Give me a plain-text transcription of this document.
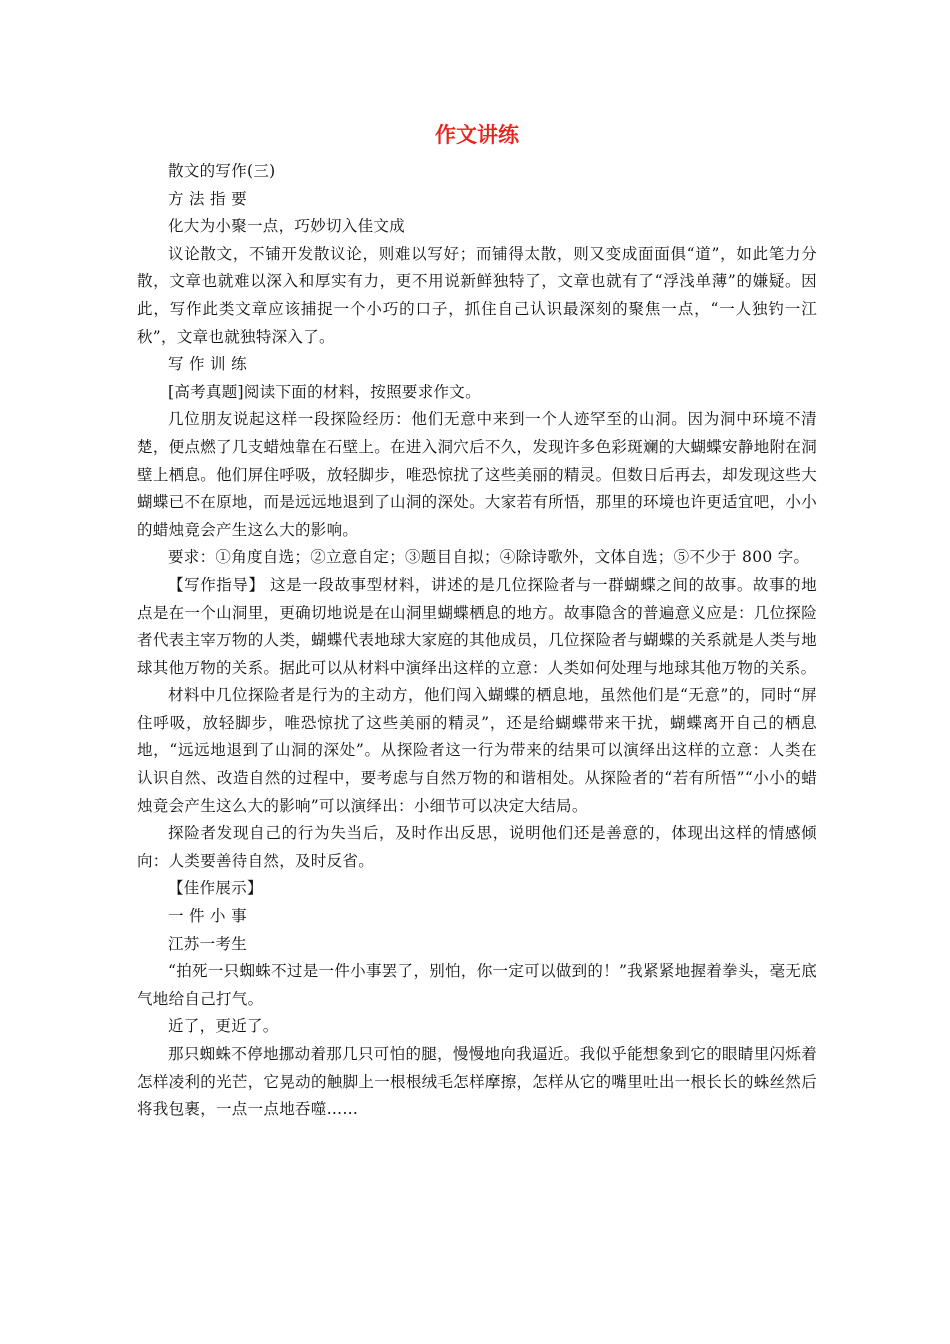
作文讲练

散文的写作(三)

方 法 指 要

化大为小聚一点，巧妙切入佳文成

议论散文，不铺开发散议论，则难以写好；而铺得太散，则又变成面面俱“道”，如此笔力分散，文章也就难以深入和厚实有力，更不用说新鲜独特了，文章也就有了“浮浅单薄”的嫌疑。因此，写作此类文章应该捕捉一个小巧的口子，抓住自己认识最深刻的聚焦一点，“一人独钓一江秋”，文章也就独特深入了。

写 作 训 练

[高考真题]阅读下面的材料，按照要求作文。

几位朋友说起这样一段探险经历：他们无意中来到一个人迹罕至的山洞。因为洞中环境不清楚，便点燃了几支蜡烛靠在石壁上。在进入洞穴后不久，发现许多色彩斑斓的大蝴蝶安静地附在洞壁上栖息。他们屏住呼吸，放轻脚步，唯恐惊扰了这些美丽的精灵。但数日后再去，却发现这些大蝴蝶已不在原地，而是远远地退到了山洞的深处。大家若有所悟，那里的环境也许更适宜吧，小小的蜡烛竟会产生这么大的影响。

要求：①角度自选；②立意自定；③题目自拟；④除诗歌外，文体自选；⑤不少于 800 字。

【写作指导】 这是一段故事型材料，讲述的是几位探险者与一群蝴蝶之间的故事。故事的地点是在一个山洞里，更确切地说是在山洞里蝴蝶栖息的地方。故事隐含的普遍意义应是：几位探险者代表主宰万物的人类，蝴蝶代表地球大家庭的其他成员，几位探险者与蝴蝶的关系就是人类与地球其他万物的关系。据此可以从材料中演绎出这样的立意：人类如何处理与地球其他万物的关系。

材料中几位探险者是行为的主动方，他们闯入蝴蝶的栖息地，虽然他们是“无意”的，同时“屏住呼吸，放轻脚步，唯恐惊扰了这些美丽的精灵”，还是给蝴蝶带来干扰，蝴蝶离开自己的栖息地，“远远地退到了山洞的深处”。从探险者这一行为带来的结果可以演绎出这样的立意：人类在认识自然、改造自然的过程中，要考虑与自然万物的和谐相处。从探险者的“若有所悟”“小小的蜡烛竟会产生这么大的影响”可以演绎出：小细节可以决定大结局。

探险者发现自己的行为失当后，及时作出反思，说明他们还是善意的，体现出这样的情感倾向：人类要善待自然，及时反省。

【佳作展示】

一 件 小 事

江苏一考生

“拍死一只蜘蛛不过是一件小事罢了，别怕，你一定可以做到的！”我紧紧地握着拳头，毫无底气地给自己打气。

近了，更近了。

那只蜘蛛不停地挪动着那几只可怕的腿，慢慢地向我逼近。我似乎能想象到它的眼睛里闪烁着怎样凌利的光芒，它晃动的触脚上一根根绒毛怎样摩擦，怎样从它的嘴里吐出一根长长的蛛丝然后将我包裹，一点一点地吞噬……
